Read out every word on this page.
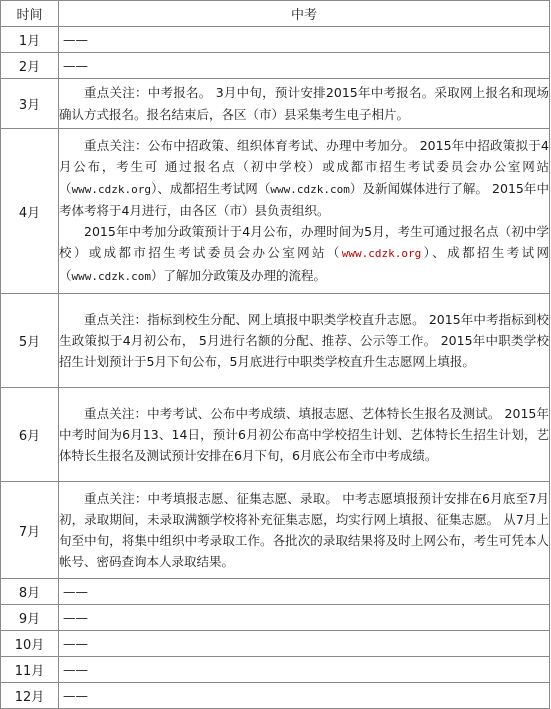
时间	中考
1月	——
2月	——
3月	重点关注：中考报名。 3月中旬，预计安排2015年中考报名。采取网上报名和现场确认方式报名。报名结束后，各区（市）县采集考生电子相片。

4月	重点关注：公布中招政策、组织体育考试、办理中考加分。 2015年中招政策拟于4月公布，考生可 通过报名点（初中学校）或成都市招生考试委员会办公室网站（www.cdzk.org）、成都招生考试网（www.cdzk.com）及新闻媒体进行了解。 2015年中考体考将于4月进行，由各区（市）县负责组织。

2015年中考加分政策预计于4月公布，办理时间为5月，考生可通过报名点（初中学校）或成都市招生考试委员会办公室网站（www.cdzk.org）、成都招生考试网（www.cdzk.com）了解加分政策及办理的流程。

5月	重点关注：指标到校生分配、网上填报中职类学校直升志愿。 2015年中考指标到校生政策拟于4月初公布， 5月进行名额的分配、推荐、公示等工作。 2015年中职类学校招生计划预计于5月下旬公布，5月底进行中职类学校直升生志愿网上填报。

6月	重点关注：中考考试、公布中考成绩、填报志愿、艺体特长生报名及测试。 2015年中考时间为6月13、14日，预计6月初公布高中学校招生计划、艺体特长生招生计划，艺体特长生报名及测试预计安排在6月下旬，6月底公布全市中考成绩。

7月	重点关注：中考填报志愿、征集志愿、录取。 中考志愿填报预计安排在6月底至7月初，录取期间，未录取满额学校将补充征集志愿，均实行网上填报、征集志愿。 从7月上旬至中旬，将集中组织中考录取工作。各批次的录取结果将及时上网公布，考生可凭本人帐号、密码查询本人录取结果。

8月	——
9月	——
10月	——
11月	——
12月	——
